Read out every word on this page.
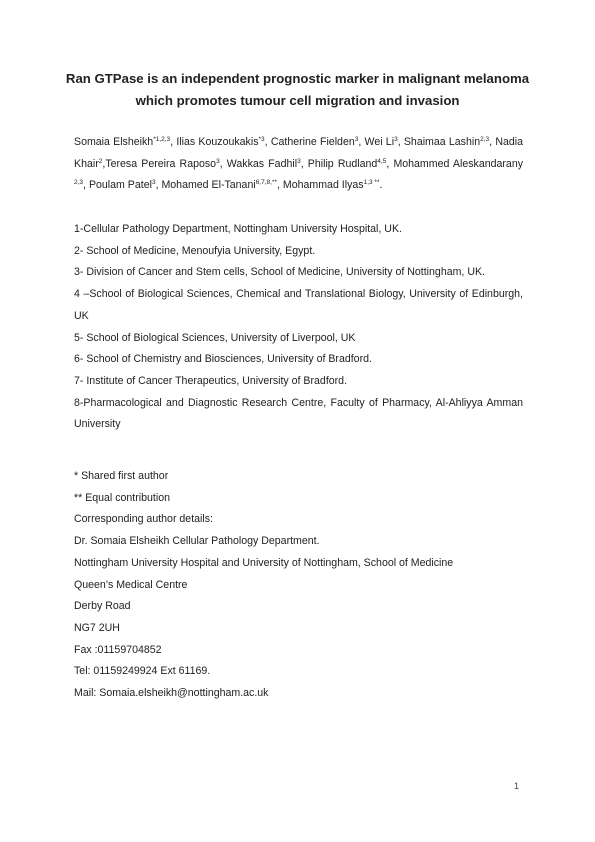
Ran GTPase is an independent prognostic marker in malignant melanoma which promotes tumour cell migration and invasion

Somaia Elsheikh$^{*1,2,3}$, Ilias Kouzoukakis$^{*3}$, Catherine Fielden$^3$, Wei Li$^3$, Shaimaa Lashin$^{2,3}$, Nadia Khair$^2$,Teresa Pereira Raposo$^3$, Wakkas Fadhil$^3$, Philip Rudland$^{4,5}$, Mohammed Aleskandarany $^{2,3}$, Poulam Patel$^3$, Mohamed El-Tanani$^{6,7,8,**}$, Mohammad Ilyas$^{1,3 **}$.

1-Cellular Pathology Department, Nottingham University Hospital, UK.
2- School of Medicine, Menoufyia University, Egypt.
3- Division of Cancer and Stem cells, School of Medicine, University of Nottingham, UK.
4 –School of Biological Sciences, Chemical and Translational Biology, University of Edinburgh, UK
5- School of Biological Sciences, University of Liverpool, UK
6- School of Chemistry and Biosciences, University of Bradford.
7- Institute of Cancer Therapeutics, University of Bradford.
8-Pharmacological and Diagnostic Research Centre, Faculty of Pharmacy, Al-Ahliyya Amman University
* Shared first author
** Equal contribution
Corresponding author details:
Dr. Somaia Elsheikh Cellular Pathology Department.
Nottingham University Hospital and University of Nottingham, School of Medicine
Queen’s Medical Centre
Derby Road
NG7 2UH
Fax :01159704852
Tel: 01159249924 Ext 61169.
Mail: Somaia.elsheikh@nottingham.ac.uk
1
